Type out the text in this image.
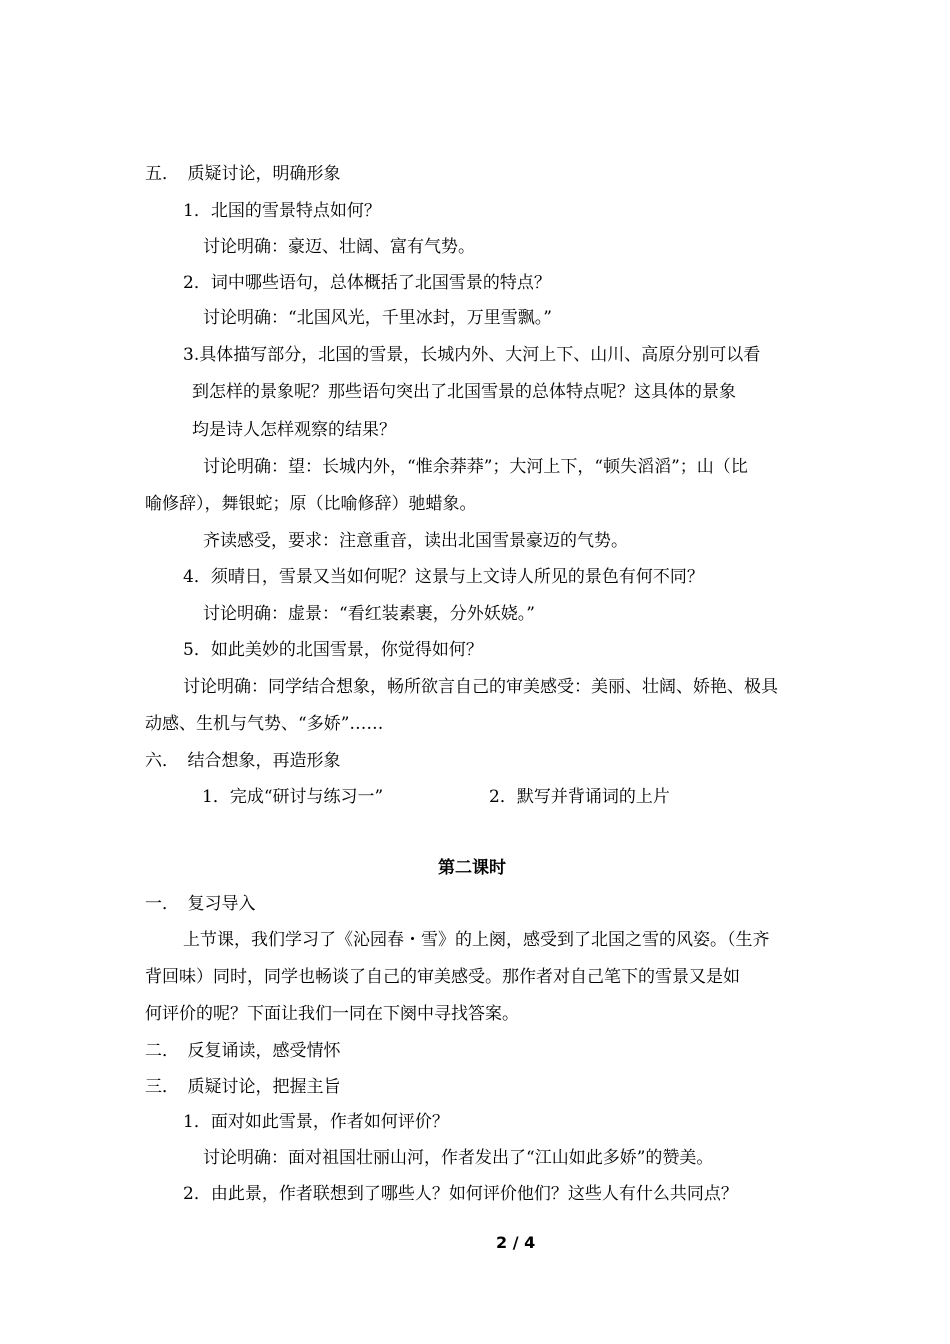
五．　质疑讨论，明确形象
1．北国的雪景特点如何？
讨论明确：豪迈、壮阔、富有气势。
2．词中哪些语句，总体概括了北国雪景的特点？
讨论明确：“北国风光，千里冰封，万里雪飘。”
3.具体描写部分，北国的雪景，长城内外、大河上下、山川、高原分别可以看
到怎样的景象呢？那些语句突出了北国雪景的总体特点呢？这具体的景象
均是诗人怎样观察的结果？
讨论明确：望：长城内外，“惟余莽莽”；大河上下，“顿失滔滔”；山（比
喻修辞），舞银蛇；原（比喻修辞）驰蜡象。
齐读感受，要求：注意重音，读出北国雪景豪迈的气势。
4．须晴日，雪景又当如何呢？这景与上文诗人所见的景色有何不同？
讨论明确：虚景：“看红装素裹，分外妖娆。”
5．如此美妙的北国雪景，你觉得如何？
讨论明确：同学结合想象，畅所欲言自己的审美感受：美丽、壮阔、娇艳、极具
动感、生机与气势、“多娇”……
六．　结合想象，再造形象
1．完成“研讨与练习一”	2．默写并背诵词的上片
第二课时
一．　复习导入
上节课，我们学习了《沁园春・雪》的上阕，感受到了北国之雪的风姿。（生齐
背回味）同时，同学也畅谈了自己的审美感受。那作者对自己笔下的雪景又是如
何评价的呢？下面让我们一同在下阕中寻找答案。
二．　反复诵读，感受情怀
三．　质疑讨论，把握主旨
1．面对如此雪景，作者如何评价？
讨论明确：面对祖国壮丽山河，作者发出了“江山如此多娇”的赞美。
2．由此景，作者联想到了哪些人？如何评价他们？这些人有什么共同点？
2 / 4
